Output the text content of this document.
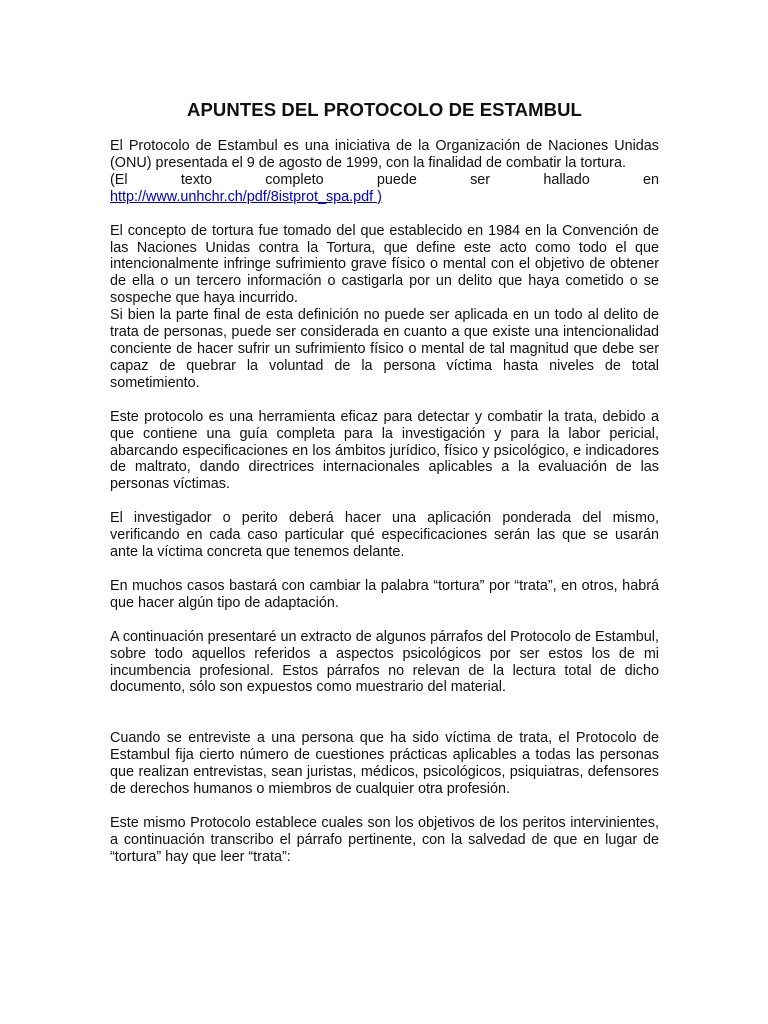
APUNTES DEL PROTOCOLO DE ESTAMBUL

El Protocolo de Estambul es una iniciativa de la Organización de Naciones Unidas (ONU) presentada el 9 de agosto de 1999, con la finalidad de combatir la tortura.

(El	texto	completo	puede	ser	hallado	en
http://www.unhchr.ch/pdf/8istprot_spa.pdf )

El concepto de tortura fue tomado del que establecido en 1984 en la Convención de las Naciones Unidas contra la Tortura, que define este acto como todo el que intencionalmente infringe sufrimiento grave físico o mental con el objetivo de obtener de ella o un tercero información o castigarla por un delito que haya cometido o se sospeche que haya incurrido.

Si bien la parte final de esta definición no puede ser aplicada en un todo al delito de trata de personas, puede ser considerada en cuanto a que existe una intencionalidad conciente de hacer sufrir un sufrimiento físico o mental de tal magnitud que debe ser capaz de quebrar la voluntad de la persona víctima hasta niveles de total sometimiento.

Este protocolo es una herramienta eficaz para detectar y combatir la trata, debido a que contiene una guía completa para la investigación y para la labor pericial, abarcando especificaciones en los ámbitos jurídico, físico y psicológico, e indicadores de maltrato, dando directrices internacionales aplicables a la evaluación de las personas víctimas.

El investigador o perito deberá hacer una aplicación ponderada del mismo, verificando en cada caso particular qué especificaciones serán las que se usarán ante la víctima concreta que tenemos delante.

En muchos casos bastará con cambiar la palabra “tortura” por “trata”, en otros, habrá que hacer algún tipo de adaptación.

A continuación presentaré un extracto de algunos párrafos del Protocolo de Estambul, sobre todo aquellos referidos a aspectos psicológicos por ser estos los de mi incumbencia profesional. Estos párrafos no relevan de la lectura total de dicho documento, sólo son expuestos como muestrario del material.

Cuando se entreviste a una persona que ha sido víctima de trata, el Protocolo de Estambul fija cierto número de cuestiones prácticas aplicables a todas las personas que realizan entrevistas, sean juristas, médicos, psicológicos, psiquiatras, defensores de derechos humanos o miembros de cualquier otra profesión.

Este mismo Protocolo establece cuales son los objetivos de los peritos intervinientes, a continuación transcribo el párrafo pertinente, con la salvedad de que en lugar de “tortura” hay que leer “trata”:
